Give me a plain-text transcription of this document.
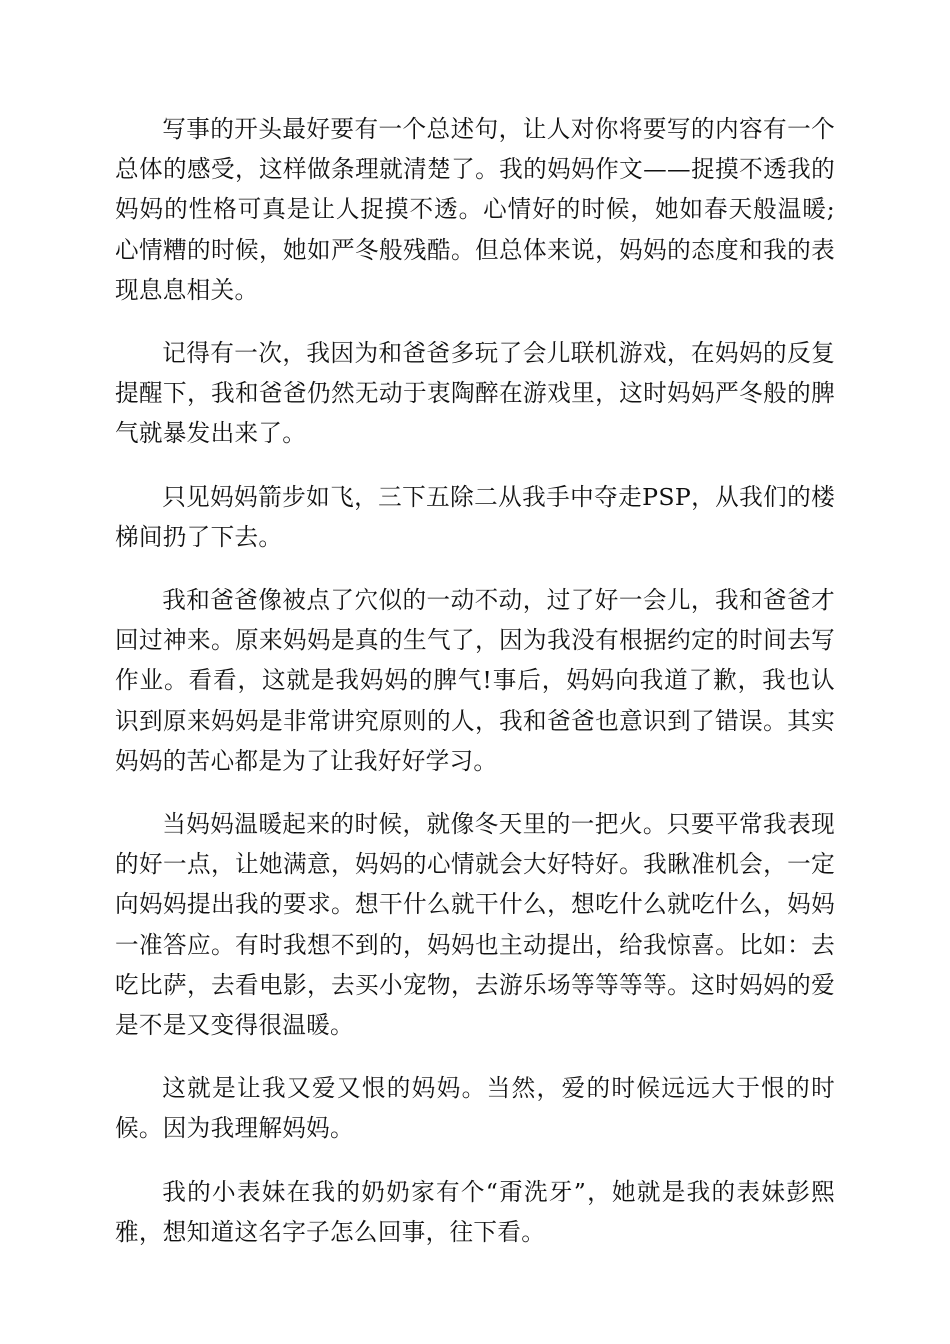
写事的开头最好要有一个总述句，让人对你将要写的内容有一个总体的感受，这样做条理就清楚了。我的妈妈作文——捉摸不透我的妈妈的性格可真是让人捉摸不透。心情好的时候，她如春天般温暖;心情糟的时候，她如严冬般残酷。但总体来说，妈妈的态度和我的表现息息相关。

记得有一次，我因为和爸爸多玩了会儿联机游戏，在妈妈的反复提醒下，我和爸爸仍然无动于衷陶醉在游戏里，这时妈妈严冬般的脾气就暴发出来了。

只见妈妈箭步如飞，三下五除二从我手中夺走PSP，从我们的楼梯间扔了下去。

我和爸爸像被点了穴似的一动不动，过了好一会儿，我和爸爸才回过神来。原来妈妈是真的生气了，因为我没有根据约定的时间去写作业。看看，这就是我妈妈的脾气!事后，妈妈向我道了歉，我也认识到原来妈妈是非常讲究原则的人，我和爸爸也意识到了错误。其实妈妈的苦心都是为了让我好好学习。

当妈妈温暖起来的时候，就像冬天里的一把火。只要平常我表现的好一点，让她满意，妈妈的心情就会大好特好。我瞅准机会，一定向妈妈提出我的要求。想干什么就干什么，想吃什么就吃什么，妈妈一准答应。有时我想不到的，妈妈也主动提出，给我惊喜。比如：去吃比萨，去看电影，去买小宠物，去游乐场等等等等。这时妈妈的爱是不是又变得很温暖。

这就是让我又爱又恨的妈妈。当然，爱的时候远远大于恨的时候。因为我理解妈妈。

我的小表妹在我的奶奶家有个“甭洗牙”，她就是我的表妹彭熙雅，想知道这名字子怎么回事，往下看。
